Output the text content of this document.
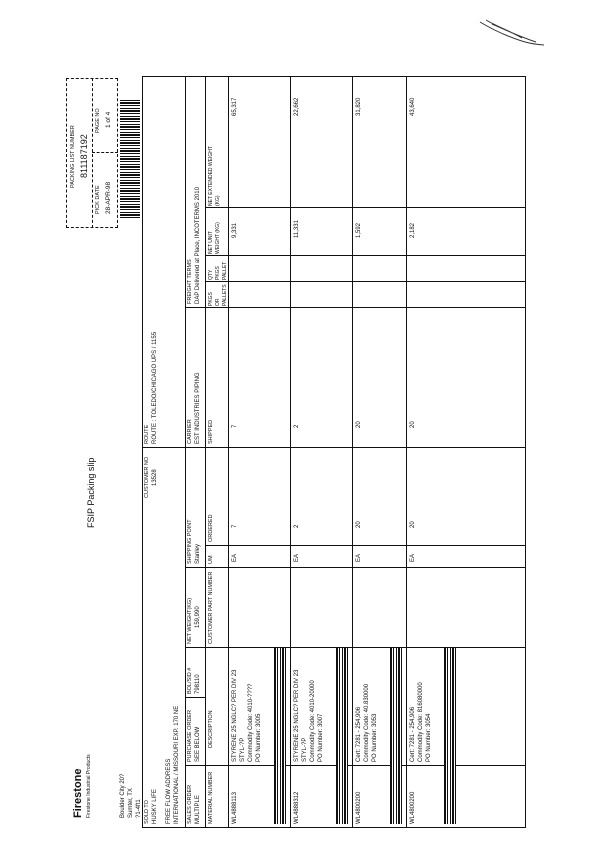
Firestone Firestone Industrial Products	Boulder City 20? Sumter, TX ?1-4ft1
FSIP Packing slip
PACKING LIST NUMBER 811187192
PICK DATE 28-APR-98
PAGE NO 1 of 4
SOLD TO HUSKY LIFE FREE FLOW ADDRESS INTERNATIONAL / MISSOURI EXP. 170 NE
CUSTOMER NO 13528
ROUTE ROUTE : TOLEDO/CHICAGO UPS / 1155
SALES ORDER MULTIPLE
PURCHASE ORDER SEE BELOW
BOL/SID # 798110
NET WEIGHT(KG) 159,990
SHIPPING POINT Stanley
CARRIER EST INDUSTRIES PIPING
FREIGHT TERMS DAP Delivered at Place, INCOTERMS 2010
MATERIAL NUMBER
DESCRIPTION
CUSTOMER PART NUMBER
UM
ORDERED
SHIPPED
PKGS OR PALLETS
QTY PKGS PALLET
NET UNIT WEIGHT (KG)
NET EXTENDED WEIGHT (KG)
WL4888113
STYRENE 25 NGLC? PER DIV 23 STYL-?P Commodity Code: 4010-???? PO Number: 3005
EA
7
7
9,331
65,317
WL4888312
STYRENE 25 NGLC? PER DIV 23 STYL-?P Commodity Code: 4010-20000 PO Number: 3007
EA
2
2
11,331
22,662
WL4800200
Cert: 7281 - 254,906 Commodity Code: 40.830000 PO Number: 3053
EA
20
20
1,592
31,820
WL4800200
Cert: 7281 - 254,906 Commodity Code: 816080000 PO Number: 3054
EA
20
20
2,182
43,640
